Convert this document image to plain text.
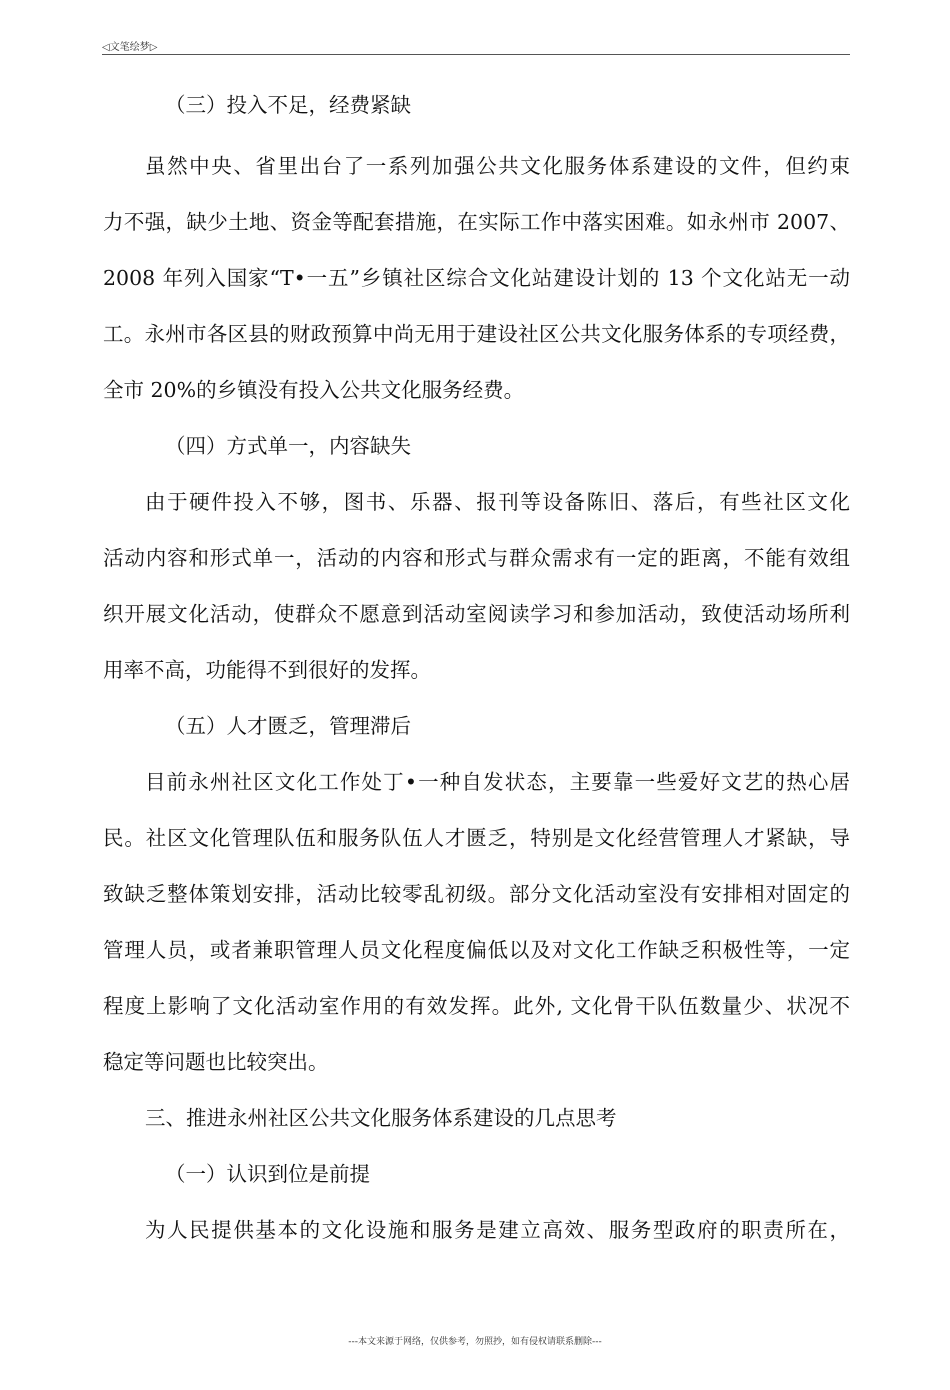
◁文笔绘梦▷
（三）投入不足，经费紧缺
虽然中央、省里出台了一系列加强公共文化服务体系建设的文件，但约束
力不强，缺少土地、资金等配套措施，在实际工作中落实困难。如永州市 2007、
2008 年列入国家“T•一五”乡镇社区综合文化站建设计划的 13 个文化站无一动
工。永州市各区县的财政预算中尚无用于建设社区公共文化服务体系的专项经费，
全市 20%的乡镇没有投入公共文化服务经费。
（四）方式单一，内容缺失
由于硬件投入不够，图书、乐器、报刊等设备陈旧、落后，有些社区文化
活动内容和形式单一，活动的内容和形式与群众需求有一定的距离，不能有效组
织开展文化活动，使群众不愿意到活动室阅读学习和参加活动，致使活动场所利
用率不高，功能得不到很好的发挥。
（五）人才匮乏，管理滞后
目前永州社区文化工作处丁•一种自发状态，主要靠一些爱好文艺的热心居
民。社区文化管理队伍和服务队伍人才匮乏，特别是文化经营管理人才紧缺，导
致缺乏整体策划安排，活动比较零乱初级。部分文化活动室没有安排相对固定的
管理人员，或者兼职管理人员文化程度偏低以及对文化工作缺乏积极性等，一定
程度上影响了文化活动室作用的有效发挥。此外, 文化骨干队伍数量少、状况不
稳定等问题也比较突出。
三、推进永州社区公共文化服务体系建设的几点思考
（一）认识到位是前提
为人民提供基本的文化设施和服务是建立高效、服务型政府的职责所在，
---本文来源于网络，仅供参考，勿照抄，如有侵权请联系删除---
